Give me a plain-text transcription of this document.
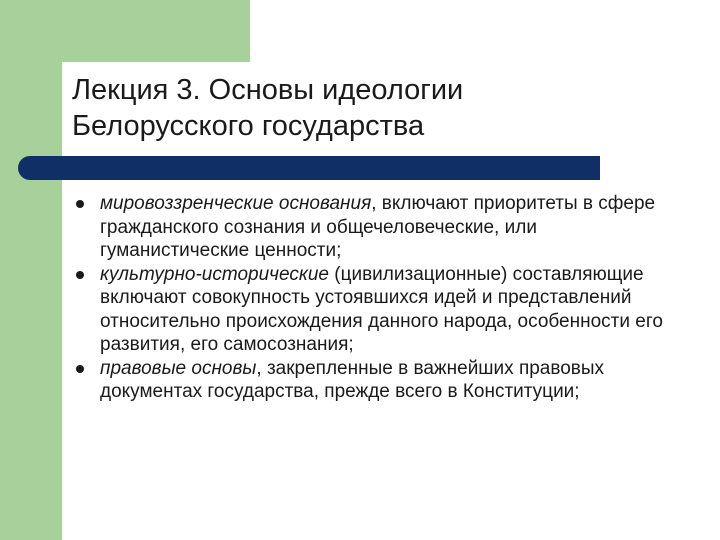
Лекция 3. Основы идеологии
Белорусского государства
мировоззренческие основания, включают приоритеты в сфере гражданского сознания и общечеловеческие, или гуманистические ценности;
культурно-исторические (цивилизационные) составляющие включают совокупность устоявшихся идей и представлений относительно происхождения данного народа, особенности его развития, его самосознания;
правовые основы, закрепленные в важнейших правовых документах государства, прежде всего в Конституции;
